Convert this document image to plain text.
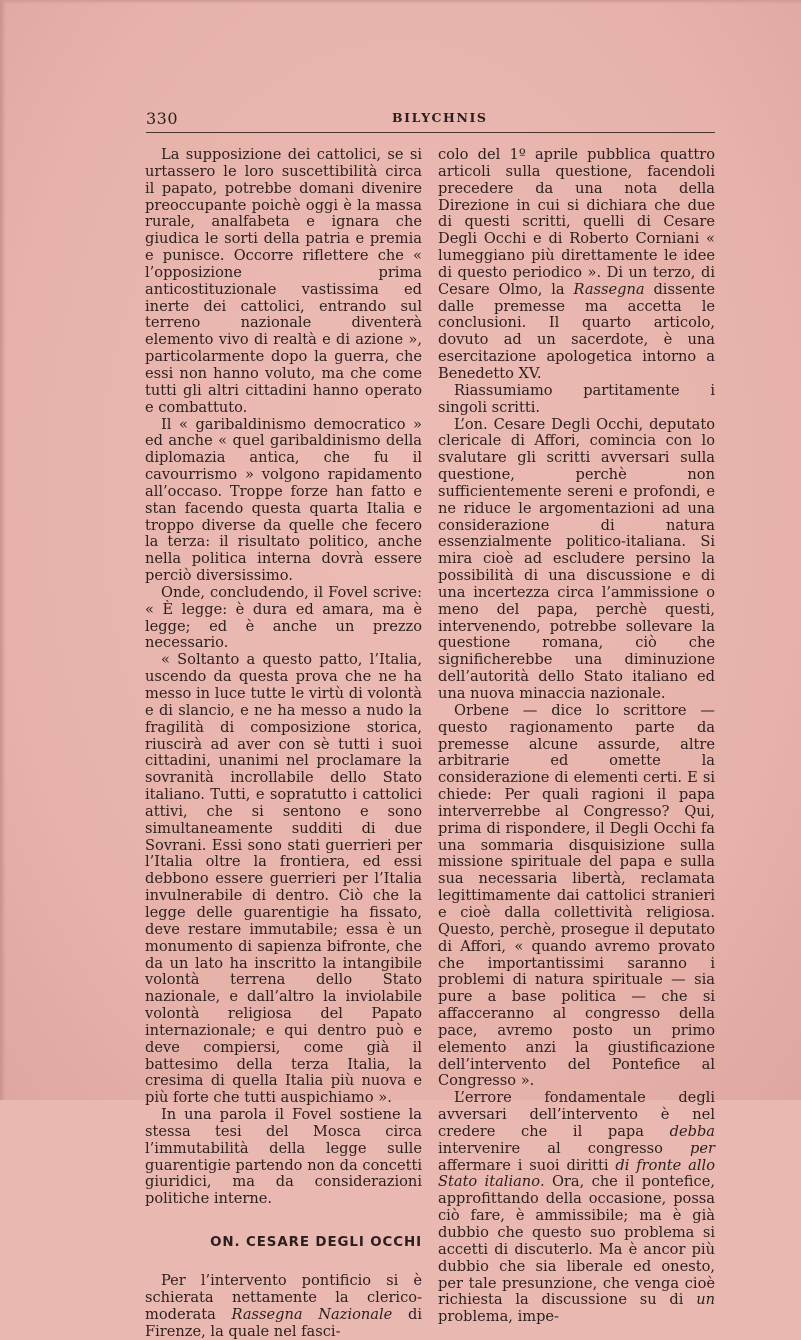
330	BILYCHNIS

La supposizione dei cattolici, se si urtassero le loro suscettibilità circa il papato, potrebbe domani divenire preoccupante poichè oggi è la massa rurale, analfabeta e ignara che giudica le sorti della patria e premia e punisce. Occorre riflettere che « l’opposizione prima anticostituzionale vastissima ed inerte dei cattolici, entrando sul terreno nazionale diventerà elemento vivo di realtà e di azione », particolarmente dopo la guerra, che essi non hanno voluto, ma che come tutti gli altri cittadini hanno operato e combattuto.

Il « garibaldinismo democratico » ed anche « quel garibaldinismo della diplomazia antica, che fu il cavourrismo » volgono rapidamento all’occaso. Troppe forze han fatto e stan facendo questa quarta Italia e troppo diverse da quelle che fecero la terza: il risultato politico, anche nella politica interna dovrà essere perciò diversissimo.

Onde, concludendo, il Fovel scrive: « È legge: è dura ed amara, ma è legge; ed è anche un prezzo necessario.

« Soltanto a questo patto, l’Italia, uscendo da questa prova che ne ha messo in luce tutte le virtù di volontà e di slancio, e ne ha messo a nudo la fragilità di composizione storica, riuscirà ad aver con sè tutti i suoi cittadini, unanimi nel proclamare la sovranità incrollabile dello Stato italiano. Tutti, e sopratutto i cattolici attivi, che si sentono e sono simultaneamente sudditi di due Sovrani. Essi sono stati guerrieri per l’Italia oltre la frontiera, ed essi debbono essere guerrieri per l’Italia invulnerabile di dentro. Ciò che la legge delle guarentigie ha fissato, deve restare immutabile; essa è un monumento di sapienza bifronte, che da un lato ha inscritto la intangibile volontà terrena dello Stato nazionale, e dall’altro la inviolabile volontà religiosa del Papato internazionale; e qui dentro può e deve compiersi, come già il battesimo della terza Italia, la cresima di quella Italia più nuova e più forte che tutti auspichiamo ».

In una parola il Fovel sostiene la stessa tesi del Mosca circa l’immutabilità della legge sulle guarentigie partendo non da concetti giuridici, ma da considerazioni politiche interne.

ON. CESARE DEGLI OCCHI

Per l’intervento pontificio si è schierata nettamente la clerico-moderata Rassegna Nazionale di Firenze, la quale nel fasci-

colo del 1º aprile pubblica quattro articoli sulla questione, facendoli precedere da una nota della Direzione in cui si dichiara che due di questi scritti, quelli di Cesare Degli Occhi e di Roberto Corniani « lumeggiano più direttamente le idee di questo periodico ». Di un terzo, di Cesare Olmo, la Rassegna dissente dalle premesse ma accetta le conclusioni. Il quarto articolo, dovuto ad un sacerdote, è una esercitazione apologetica intorno a Benedetto XV.

Riassumiamo partitamente i singoli scritti.

L’on. Cesare Degli Occhi, deputato clericale di Affori, comincia con lo svalutare gli scritti avversari sulla questione, perchè non sufficientemente sereni e profondi, e ne riduce le argomentazioni ad una considerazione di natura essenzialmente politico-italiana. Si mira cioè ad escludere persino la possibilità di una discussione e di una incertezza circa l’ammissione o meno del papa, perchè questi, intervenendo, potrebbe sollevare la questione romana, ciò che significherebbe una diminuzione dell’autorità dello Stato italiano ed una nuova minaccia nazionale.

Orbene — dice lo scrittore — questo ragionamento parte da premesse alcune assurde, altre arbitrarie ed omette la considerazione di elementi certi. E si chiede: Per quali ragioni il papa interverrebbe al Congresso? Qui, prima di rispondere, il Degli Occhi fa una sommaria disquisizione sulla missione spirituale del papa e sulla sua necessaria libertà, reclamata legittimamente dai cattolici stranieri e cioè dalla collettività religiosa. Questo, perchè, prosegue il deputato di Affori, « quando avremo provato che importantissimi saranno i problemi di natura spirituale — sia pure a base politica — che si affacceranno al congresso della pace, avremo posto un primo elemento anzi la giustificazione dell’intervento del Pontefice al Congresso ».

L’errore fondamentale degli avversari dell’intervento è nel credere che il papa debba intervenire al congresso per affermare i suoi diritti di fronte allo Stato italiano. Ora, che il pontefice, approfittando della occasione, possa ciò fare, è ammissibile; ma è già dubbio che questo suo problema si accetti di discuterlo. Ma è ancor più dubbio che sia liberale ed onesto, per tale presunzione, che venga cioè richiesta la discussione su di un problema, impe-
